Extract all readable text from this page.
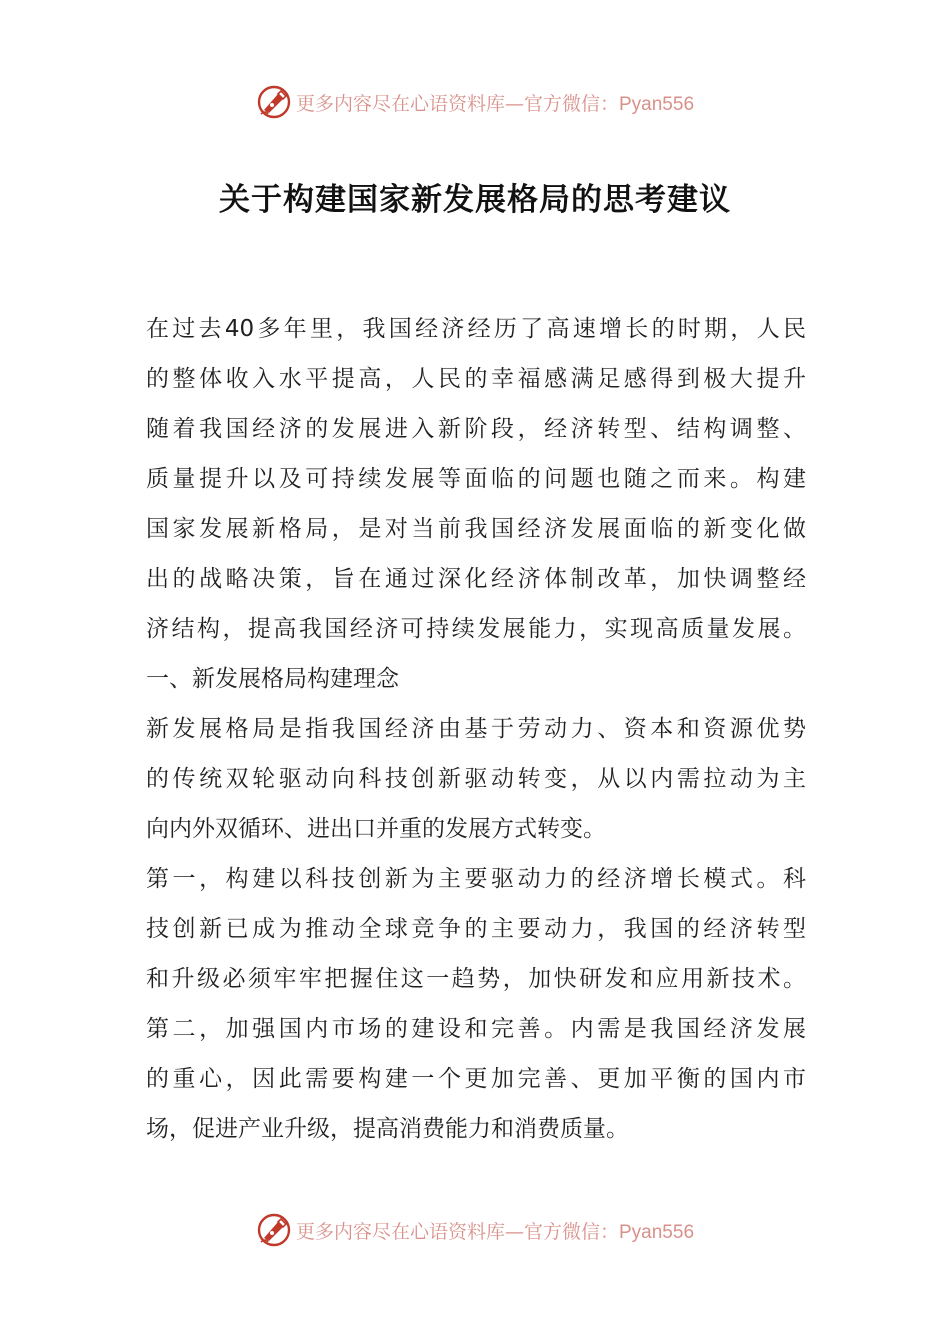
更多内容尽在心语资料库—官方微信：Pyan556
关于构建国家新发展格局的思考建议
在过去40多年里，我国经济经历了高速增长的时期，人民
的整体收入水平提高，人民的幸福感满足感得到极大提升
随着我国经济的发展进入新阶段，经济转型、结构调整、
质量提升以及可持续发展等面临的问题也随之而来。构建
国家发展新格局，是对当前我国经济发展面临的新变化做
出的战略决策，旨在通过深化经济体制改革，加快调整经
济结构，提高我国经济可持续发展能力，实现高质量发展。
一、新发展格局构建理念
新发展格局是指我国经济由基于劳动力、资本和资源优势
的传统双轮驱动向科技创新驱动转变，从以内需拉动为主
向内外双循环、进出口并重的发展方式转变。
第一，构建以科技创新为主要驱动力的经济增长模式。科
技创新已成为推动全球竞争的主要动力，我国的经济转型
和升级必须牢牢把握住这一趋势，加快研发和应用新技术。
第二，加强国内市场的建设和完善。内需是我国经济发展
的重心，因此需要构建一个更加完善、更加平衡的国内市
场，促进产业升级，提高消费能力和消费质量。
更多内容尽在心语资料库—官方微信：Pyan556
